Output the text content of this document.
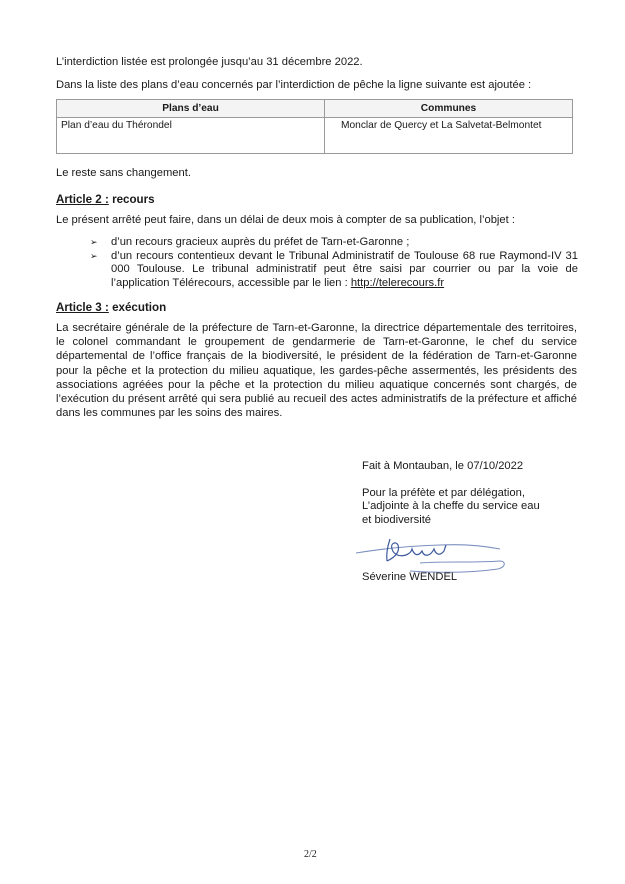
L’interdiction listée est prolongée jusqu’au 31 décembre 2022.

Dans la liste des plans d’eau concernés par l’interdiction de pêche la ligne suivante est ajoutée :

Plans d’eau	Communes
Plan d’eau du Thérondel	Monclar de Quercy et La Salvetat-Belmontet

Le reste sans changement.

Article 2 : recours

Le présent arrêté peut faire, dans un délai de deux mois à compter de sa publication, l’objet :

➢ d’un recours gracieux auprès du préfet de Tarn-et-Garonne ;
➢ d’un recours contentieux devant le Tribunal Administratif de Toulouse 68 rue Raymond-IV 31 000 Toulouse. Le tribunal administratif peut être saisi par courrier ou par la voie de l’application Télérecours, accessible par le lien : http://telerecours.fr

Article 3 : exécution

La secrétaire générale de la préfecture de Tarn-et-Garonne, la directrice départementale des territoires, le colonel commandant le groupement de gendarmerie de Tarn-et-Garonne, le chef du service départemental de l’office français de la biodiversité, le président de la fédération de Tarn-et-Garonne pour la pêche et la protection du milieu aquatique, les gardes-pêche assermentés, les présidents des associations agréées pour la pêche et la protection du milieu aquatique concernés sont chargés, de l’exécution du présent arrêté qui sera publié au recueil des actes administratifs de la préfecture et affiché dans les communes par les soins des maires.

Fait à Montauban, le 07/10/2022

Pour la préfète et par délégation,

L’adjointe à la cheffe du service eau

et biodiversité

Séverine WENDEL

2/2
